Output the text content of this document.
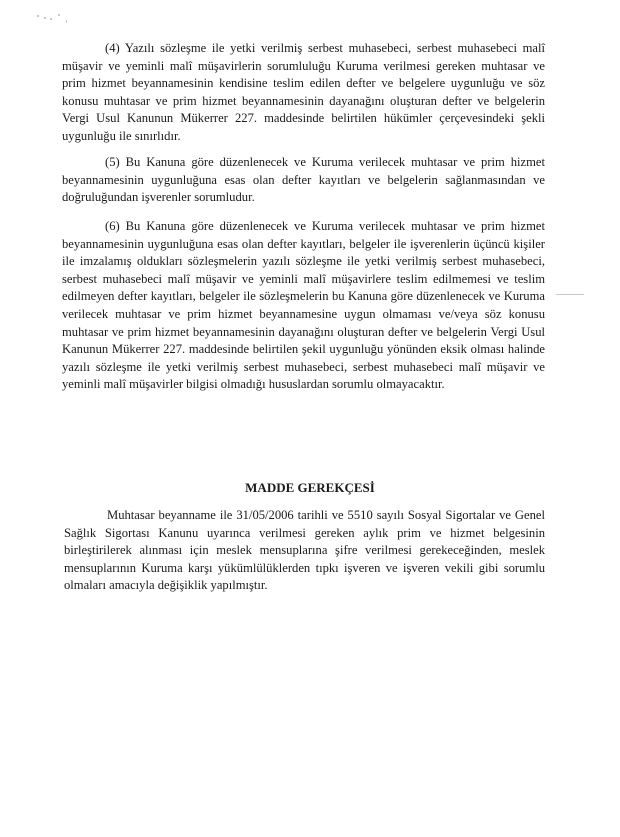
(4) Yazılı sözleşme ile yetki verilmiş serbest muhasebeci, serbest muhasebeci malî müşavir ve yeminli malî müşavirlerin sorumluluğu Kuruma verilmesi gereken muhtasar ve prim hizmet beyannamesinin kendisine teslim edilen defter ve belgelere uygunluğu ve söz konusu muhtasar ve prim hizmet beyannamesinin dayanağını oluşturan defter ve belgelerin Vergi Usul Kanunun Mükerrer 227. maddesinde belirtilen hükümler çerçevesindeki şekli uygunluğu ile sınırlıdır.

(5) Bu Kanuna göre düzenlenecek ve Kuruma verilecek muhtasar ve prim hizmet beyannamesinin uygunluğuna esas olan defter kayıtları ve belgelerin sağlanmasından ve doğruluğundan işverenler sorumludur.

(6) Bu Kanuna göre düzenlenecek ve Kuruma verilecek muhtasar ve prim hizmet beyannamesinin uygunluğuna esas olan defter kayıtları, belgeler ile işverenlerin üçüncü kişiler ile imzalamış oldukları sözleşmelerin yazılı sözleşme ile yetki verilmiş serbest muhasebeci, serbest muhasebeci malî müşavir ve yeminli malî müşavirlere teslim edilmemesi ve teslim edilmeyen defter kayıtları, belgeler ile sözleşmelerin bu Kanuna göre düzenlenecek ve Kuruma verilecek muhtasar ve prim hizmet beyannamesine uygun olmaması ve/veya söz konusu muhtasar ve prim hizmet beyannamesinin dayanağını oluşturan defter ve belgelerin Vergi Usul Kanunun Mükerrer 227. maddesinde belirtilen şekil uygunluğu yönünden eksik olması halinde yazılı sözleşme ile yetki verilmiş serbest muhasebeci, serbest muhasebeci malî müşavir ve yeminli malî müşavirler bilgisi olmadığı hususlardan sorumlu olmayacaktır.

MADDE GEREKÇESİ

Muhtasar beyanname ile 31/05/2006 tarihli ve 5510 sayılı Sosyal Sigortalar ve Genel Sağlık Sigortası Kanunu uyarınca verilmesi gereken aylık prim ve hizmet belgesinin birleştirilerek alınması için meslek mensuplarına şifre verilmesi gerekeceğinden, meslek mensuplarının Kuruma karşı yükümlülüklerden tıpkı işveren ve işveren vekili gibi sorumlu olmaları amacıyla değişiklik yapılmıştır.
